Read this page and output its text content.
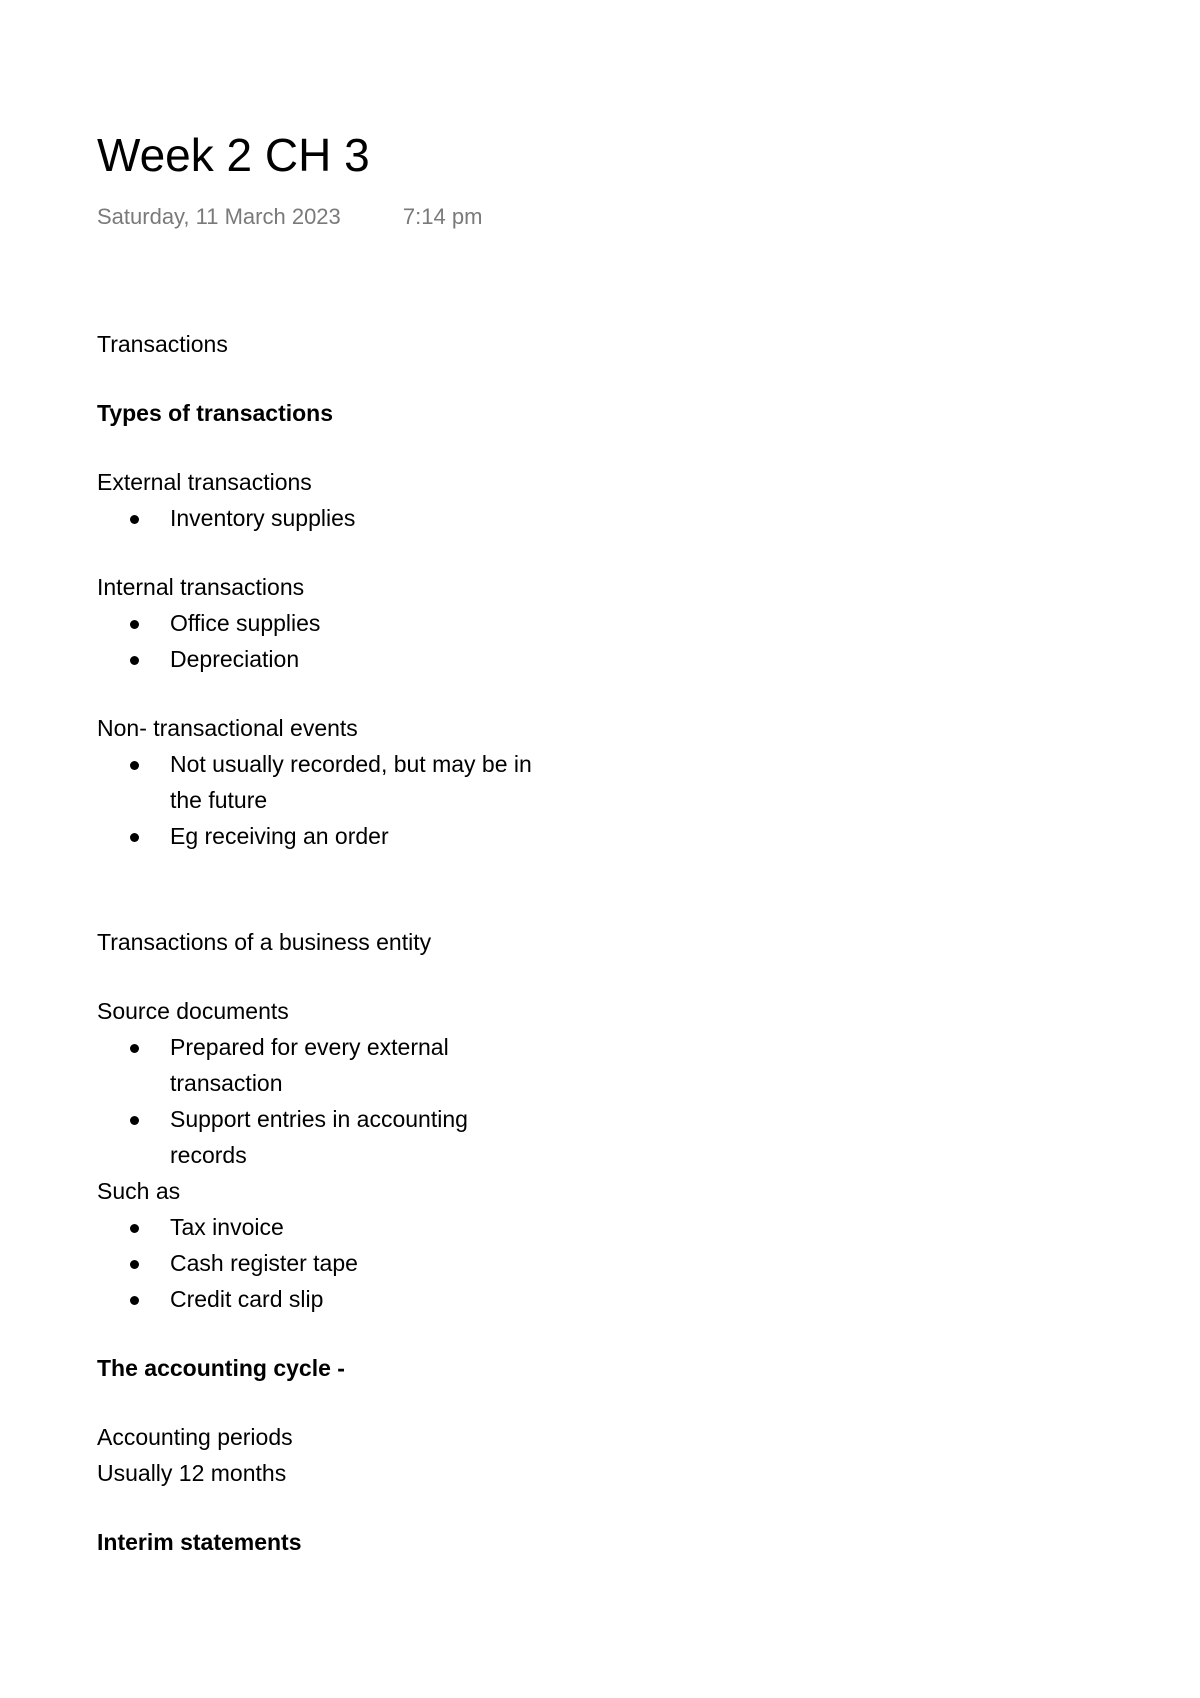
Week 2 CH 3
Saturday, 11 March 2023	7:14 pm

Transactions

Types of transactions

External transactions

Inventory supplies

Internal transactions

Office supplies
Depreciation

Non- transactional events

Not usually recorded, but may be in the future
Eg receiving an order

Transactions of a business entity

Source documents

Prepared for every external transaction
Support entries in accounting records

Such as

Tax invoice
Cash register tape
Credit card slip

The accounting cycle -

Accounting periods

Usually 12 months

Interim statements
